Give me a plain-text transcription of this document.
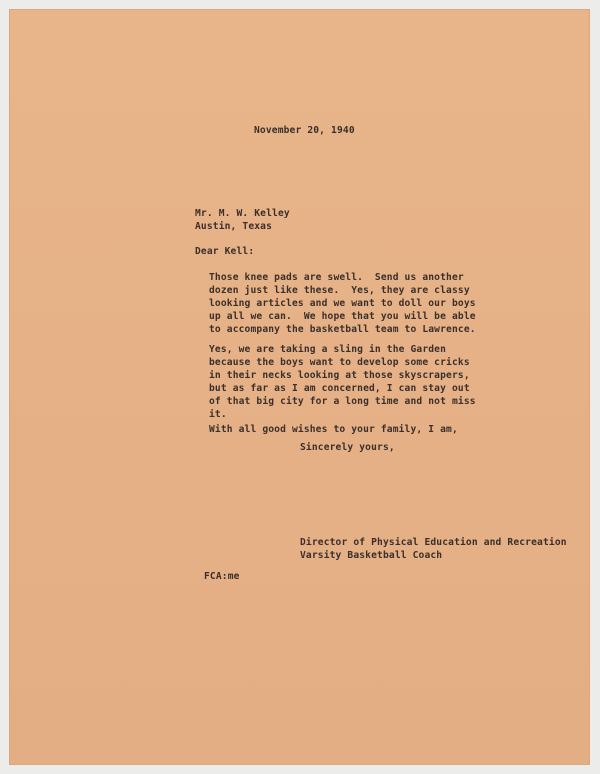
November 20, 1940
Mr. M. W. Kelley
Austin, Texas
Dear Kell:
Those knee pads are swell.  Send us another
dozen just like these.  Yes, they are classy
looking articles and we want to doll our boys
up all we can.  We hope that you will be able
to accompany the basketball team to Lawrence.
Yes, we are taking a sling in the Garden
because the boys want to develop some cricks
in their necks looking at those skyscrapers,
but as far as I am concerned, I can stay out
of that big city for a long time and not miss
it.
With all good wishes to your family, I am,
Sincerely yours,
Director of Physical Education and Recreation
Varsity Basketball Coach
FCA:me
